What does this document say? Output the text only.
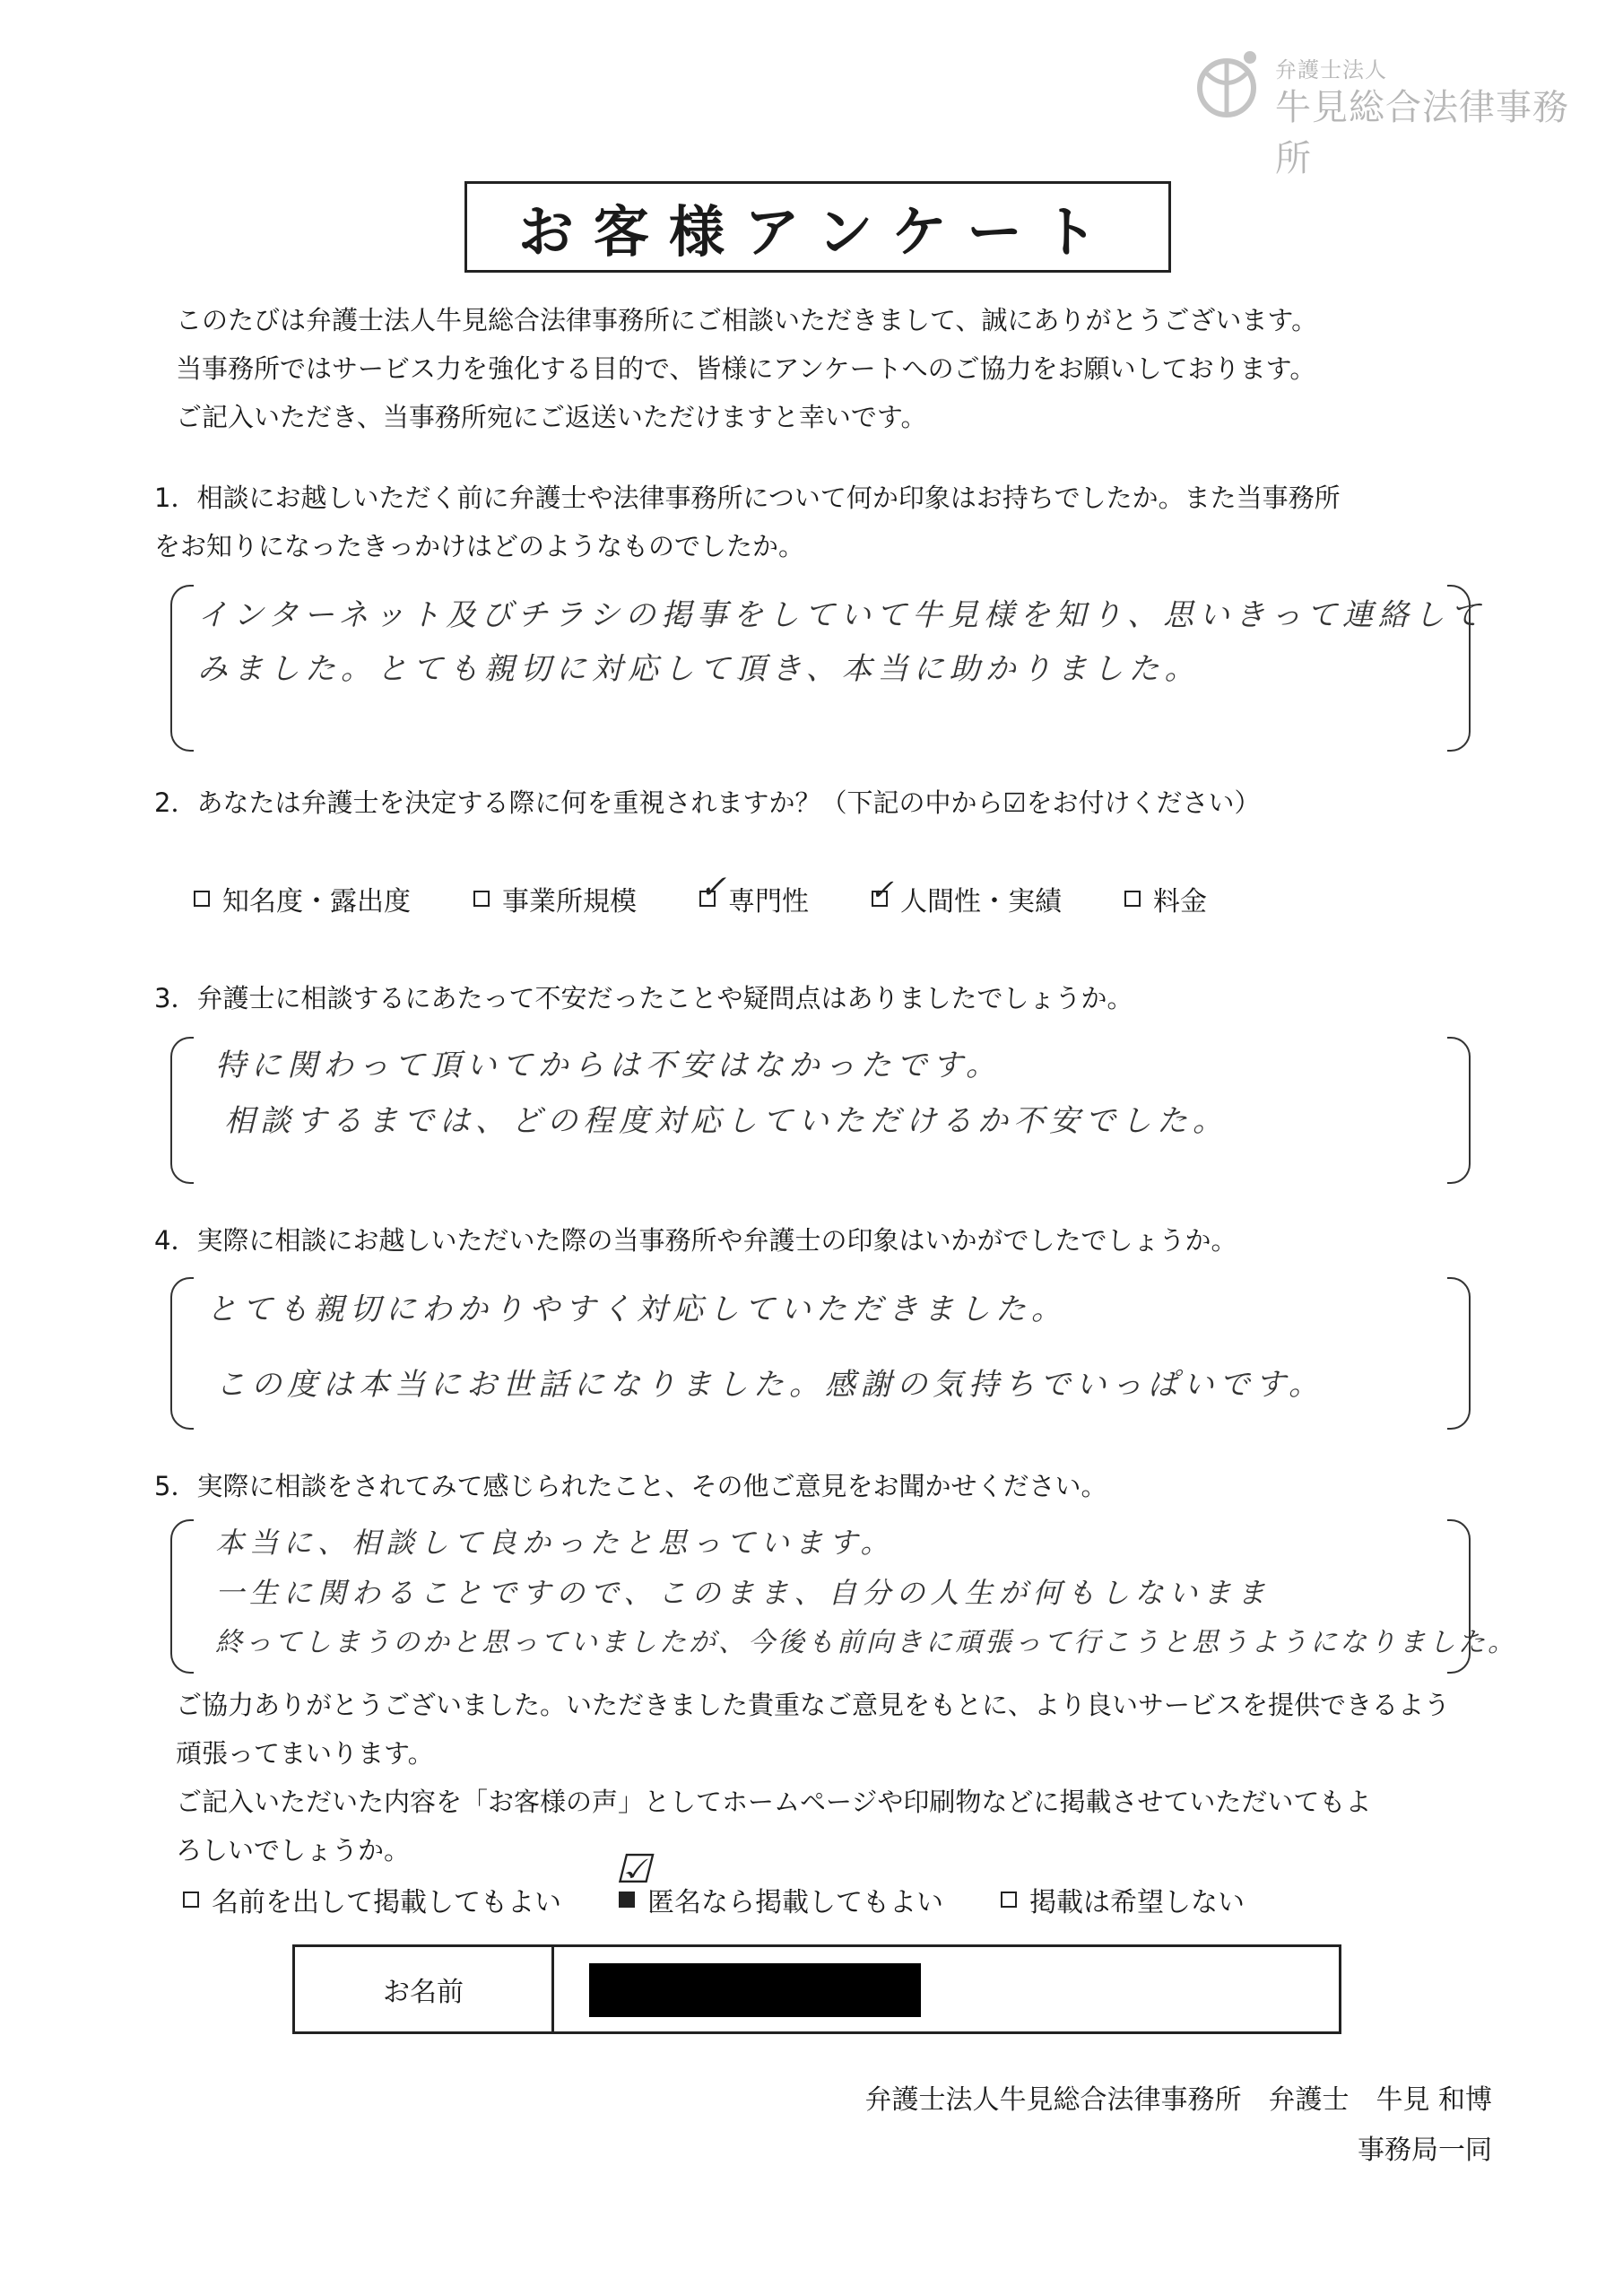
弁護士法人
牛見総合法律事務所
お客様アンケート
このたびは弁護士法人牛見総合法律事務所にご相談いただきまして、誠にありがとうございます。
当事務所ではサービス力を強化する目的で、皆様にアンケートへのご協力をお願いしております。
ご記入いただき、当事務所宛にご返送いただけますと幸いです。
1．相談にお越しいただく前に弁護士や法律事務所について何か印象はお持ちでしたか。また当事務所
をお知りになったきっかけはどのようなものでしたか。
インターネット及びチラシの掲事をしていて牛見様を知り、思いきって連絡して
みました。とても親切に対応して頂き、本当に助かりました。
2．あなたは弁護士を決定する際に何を重視されますか？（下記の中から☑をお付けください）
知名度・露出度	事業所規模 ✓ 専門性 ✓ 人間性・実績	料金
3．弁護士に相談するにあたって不安だったことや疑問点はありましたでしょうか。
特に関わって頂いてからは不安はなかったです。
相談するまでは、どの程度対応していただけるか不安でした。
4．実際に相談にお越しいただいた際の当事務所や弁護士の印象はいかがでしたでしょうか。
とても親切にわかりやすく対応していただきました。
この度は本当にお世話になりました。感謝の気持ちでいっぱいです。
5．実際に相談をされてみて感じられたこと、その他ご意見をお聞かせください。
本当に、相談して良かったと思っています。
一生に関わることですので、このまま、自分の人生が何もしないまま
終ってしまうのかと思っていましたが、今後も前向きに頑張って行こうと思うようになりました。
ご協力ありがとうございました。いただきました貴重なご意見をもとに、より良いサービスを提供できるよう
頑張ってまいります。
ご記入いただいた内容を「お客様の声」としてホームページや印刷物などに掲載させていただいてもよ
ろしいでしょうか。
名前を出して掲載してもよい
☑
匿名なら掲載してもよい	掲載は希望しない
お名前
弁護士法人牛見総合法律事務所　弁護士　牛見 和博
事務局一同
